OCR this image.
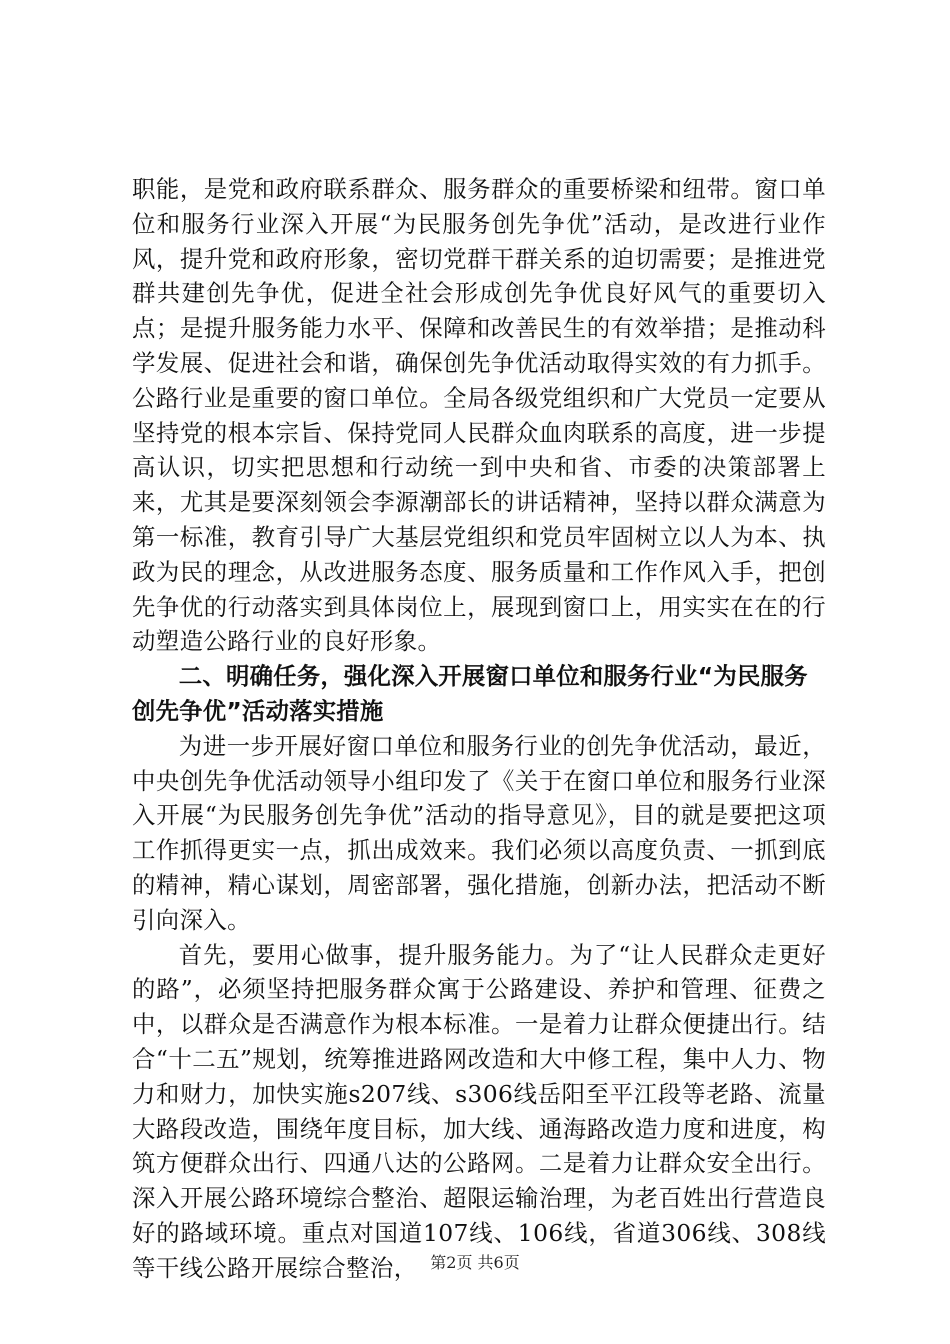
职能，是党和政府联系群众、服务群众的重要桥梁和纽带。窗口单位和服务行业深入开展“为民服务创先争优”活动，是改进行业作风，提升党和政府形象，密切党群干群关系的迫切需要；是推进党群共建创先争优，促进全社会形成创先争优良好风气的重要切入点；是提升服务能力水平、保障和改善民生的有效举措；是推动科学发展、促进社会和谐，确保创先争优活动取得实效的有力抓手。公路行业是重要的窗口单位。全局各级党组织和广大党员一定要从坚持党的根本宗旨、保持党同人民群众血肉联系的高度，进一步提高认识，切实把思想和行动统一到中央和省、市委的决策部署上来，尤其是要深刻领会李源潮部长的讲话精神，坚持以群众满意为第一标准，教育引导广大基层党组织和党员牢固树立以人为本、执政为民的理念，从改进服务态度、服务质量和工作作风入手，把创先争优的行动落实到具体岗位上，展现到窗口上，用实实在在的行动塑造公路行业的良好形象。

二、明确任务，强化深入开展窗口单位和服务行业“为民服务创先争优”活动落实措施

为进一步开展好窗口单位和服务行业的创先争优活动，最近，中央创先争优活动领导小组印发了《关于在窗口单位和服务行业深入开展“为民服务创先争优”活动的指导意见》，目的就是要把这项工作抓得更实一点，抓出成效来。我们必须以高度负责、一抓到底的精神，精心谋划，周密部署，强化措施，创新办法，把活动不断引向深入。

首先，要用心做事，提升服务能力。为了“让人民群众走更好的路”，必须坚持把服务群众寓于公路建设、养护和管理、征费之中，以群众是否满意作为根本标准。一是着力让群众便捷出行。结合“十二五”规划，统筹推进路网改造和大中修工程，集中人力、物力和财力，加快实施s207线、s306线岳阳至平江段等老路、流量大路段改造，围绕年度目标，加大线、通海路改造力度和进度，构筑方便群众出行、四通八达的公路网。二是着力让群众安全出行。深入开展公路环境综合整治、超限运输治理，为老百姓出行营造良好的路域环境。重点对国道107线、106线，省道306线、308线等干线公路开展综合整治， 第2页 共6页
